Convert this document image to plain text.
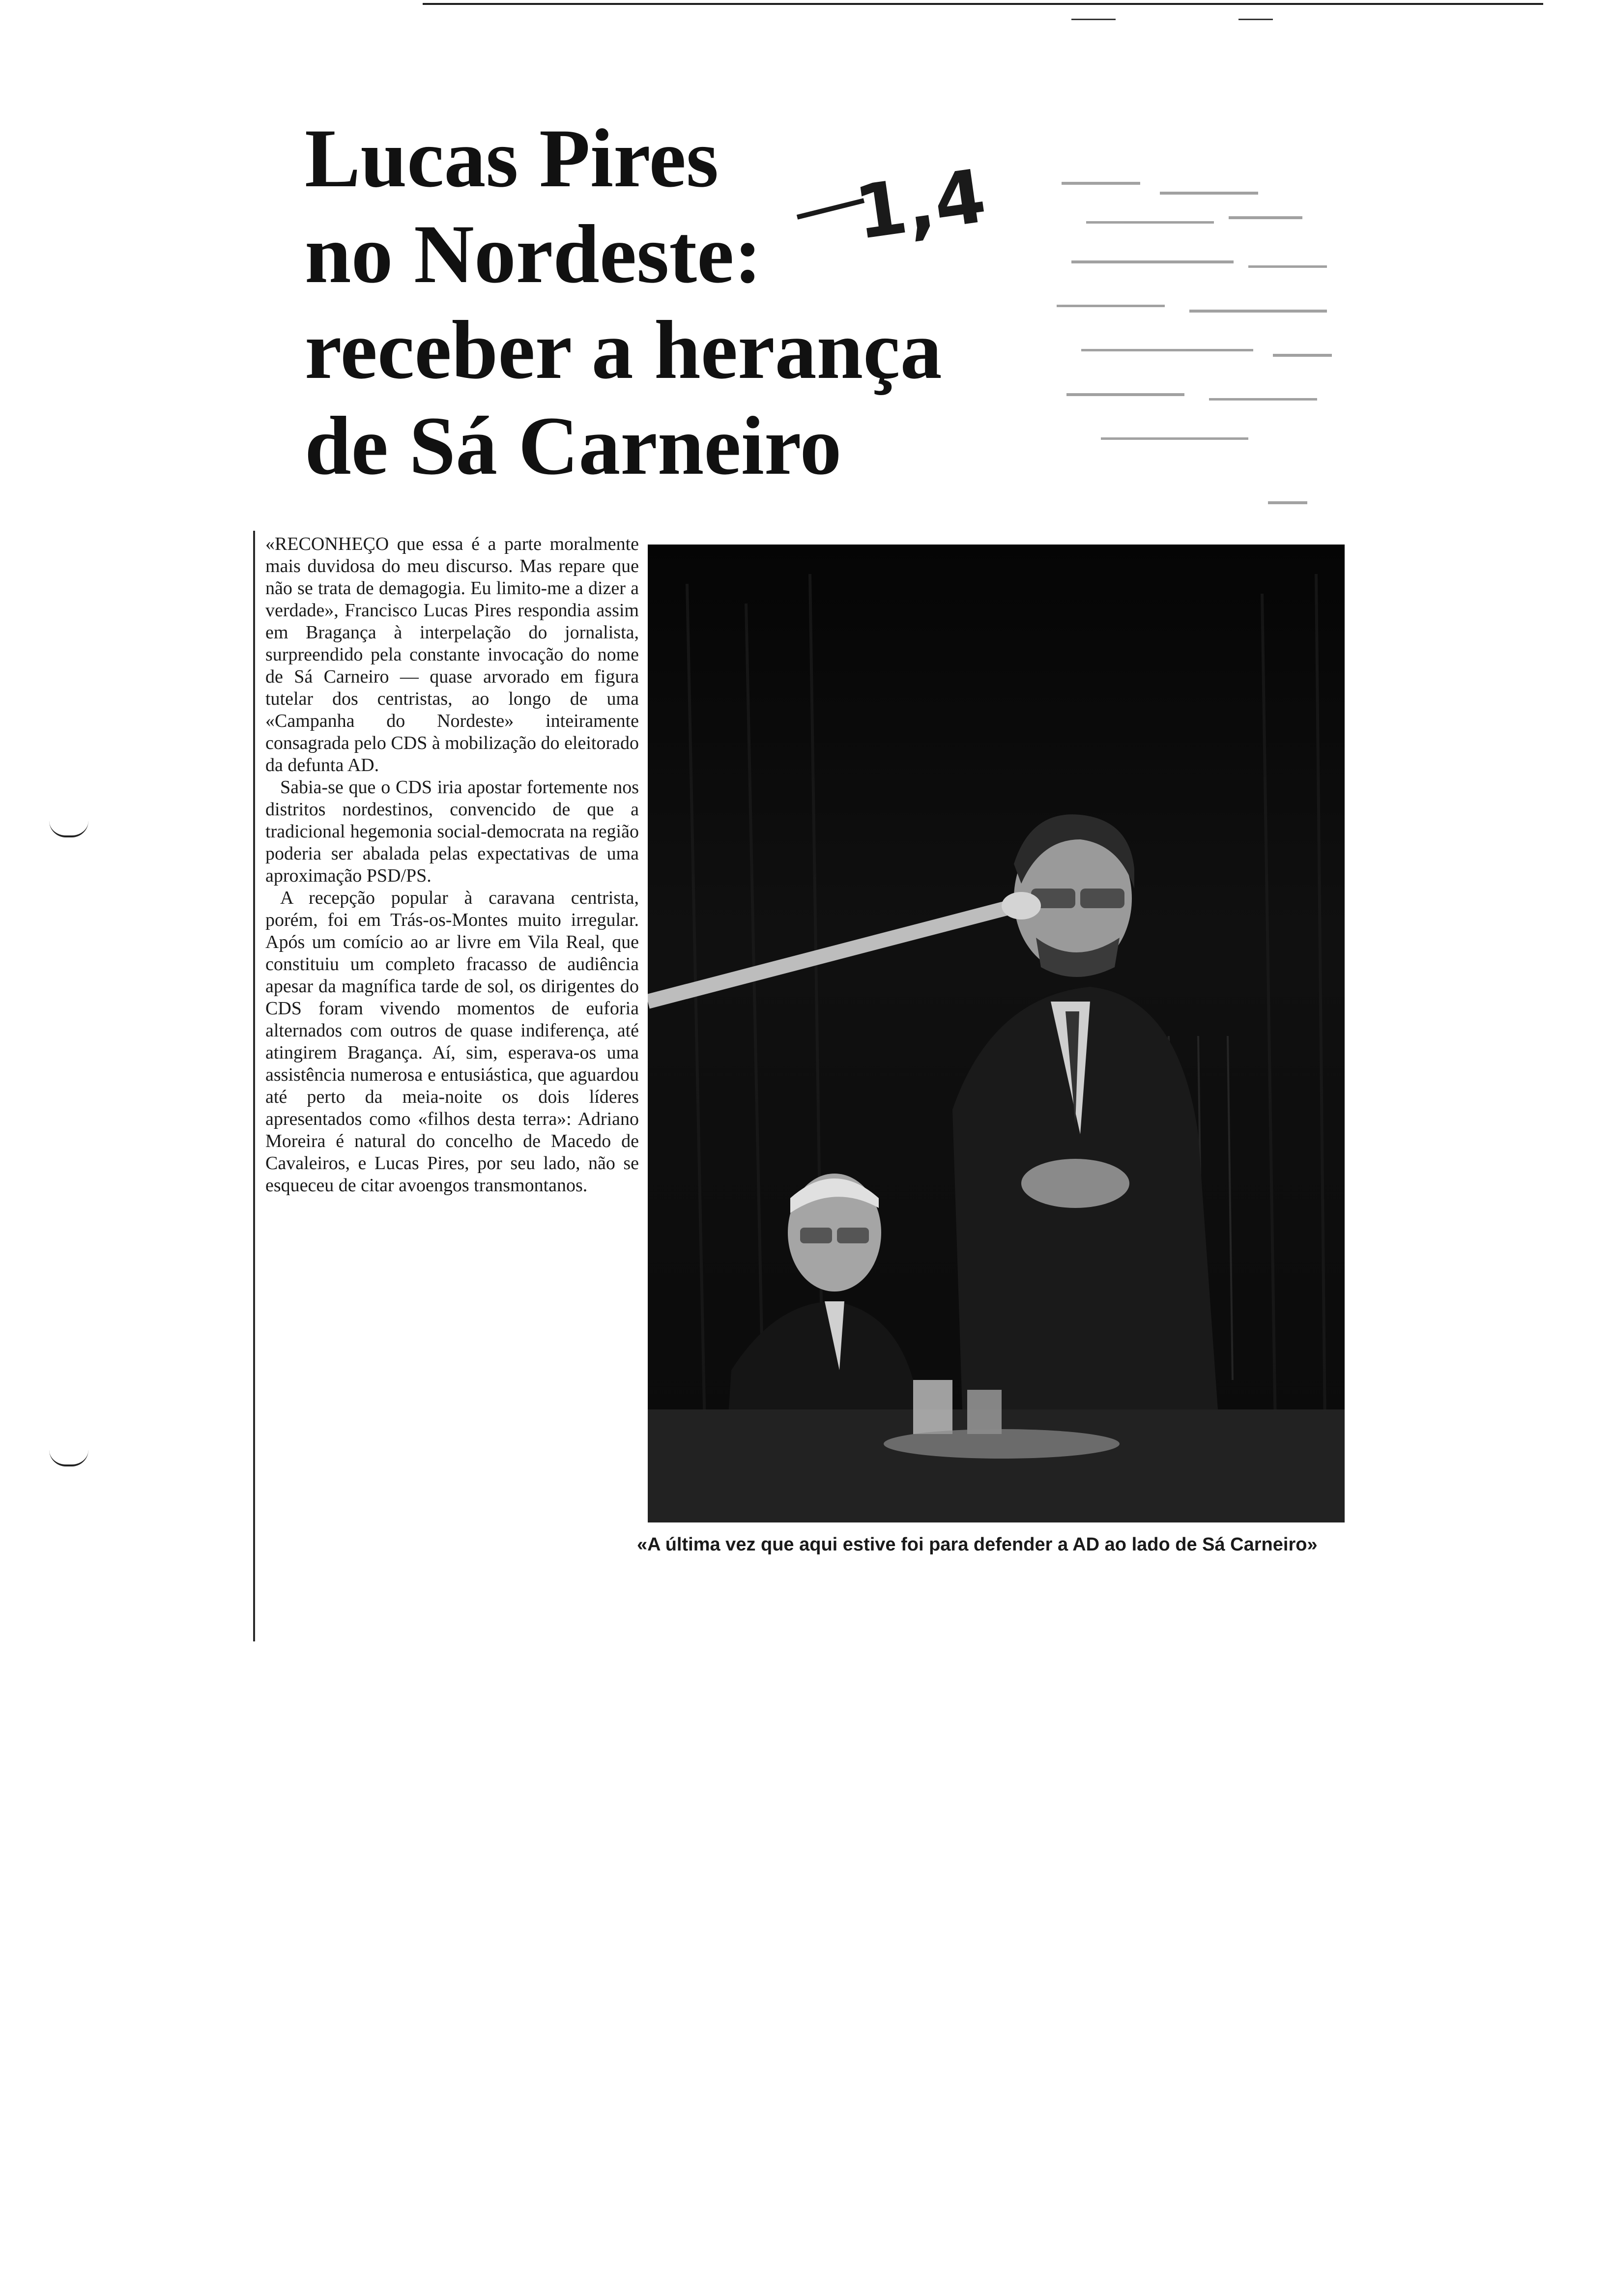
Lucas Pires
no Nordeste:
receber a herança
de Sá Carneiro
1,4

«RECONHEÇO que essa é a parte moralmente mais duvidosa do meu discurso. Mas repare que não se trata de demagogia. Eu limito-me a dizer a verdade», Francisco Lucas Pires respondia assim em Bragança à interpelação do jornalista, surpreendido pela constante invocação do nome de Sá Carneiro — quase arvorado em figura tutelar dos centristas, ao longo de uma «Campanha do Nordeste» inteiramente consagrada pelo CDS à mobilização do eleitorado da defunta AD.

Sabia-se que o CDS iria apostar fortemente nos distritos nordestinos, convencido de que a tradicional hegemonia social-democrata na região poderia ser abalada pelas expectativas de uma aproximação PSD/PS.

A recepção popular à caravana centrista, porém, foi em Trás-os-Montes muito irregular. Após um comício ao ar livre em Vila Real, que constituiu um completo fracasso de audiência apesar da magnífica tarde de sol, os dirigentes do CDS foram vivendo momentos de euforia alternados com outros de quase indiferença, até atingirem Bragança. Aí, sim, esperava-os uma assistência numerosa e entusiástica, que aguardou até perto da meia-noite os dois líderes apresentados como «filhos desta terra»: Adriano Moreira é natural do concelho de Macedo de Cavaleiros, e Lucas Pires, por seu lado, não se esqueceu de citar avoengos transmontanos.

«A última vez que aqui estive foi para defender a AD ao lado de Sá Carneiro»
